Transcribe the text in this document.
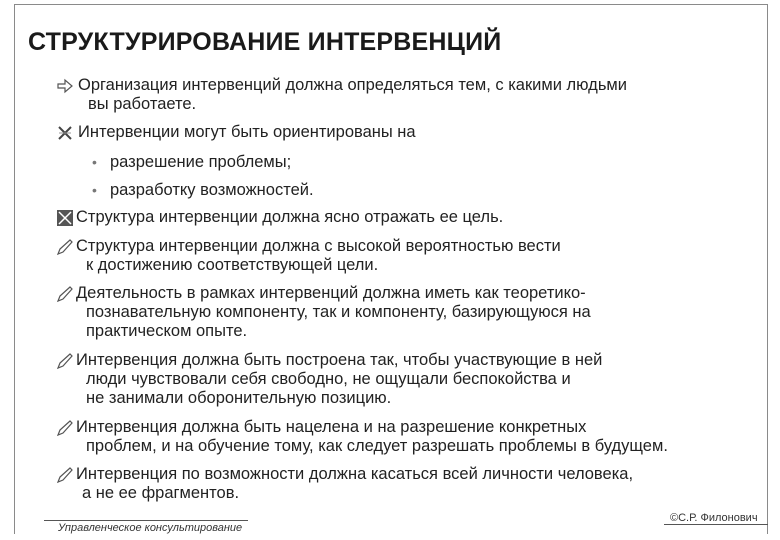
СТРУКТУРИРОВАНИЕ ИНТЕРВЕНЦИЙ
Организация интервенций должна определяться тем, с какими людьми
вы работаете.
Интервенции могут быть ориентированы на
• разрешение проблемы;
• разработку возможностей.
Структура интервенции должна ясно отражать ее цель.
Структура интервенции должна с высокой вероятностью вести
к достижению соответствующей цели.
Деятельность в рамках интервенций должна иметь как теоретико-
познавательную компоненту, так и компоненту, базирующуюся на
практическом опыте.
Интервенция должна быть построена так, чтобы участвующие в ней
люди чувствовали себя свободно, не ощущали беспокойства и
не занимали оборонительную позицию.
Интервенция должна быть нацелена и на разрешение конкретных
проблем, и на обучение тому, как следует разрешать проблемы в будущем.
Интервенция по возможности должна касаться всей личности человека,
а не ее фрагментов.
Управленческое консультирование
©С.Р. Филонович
